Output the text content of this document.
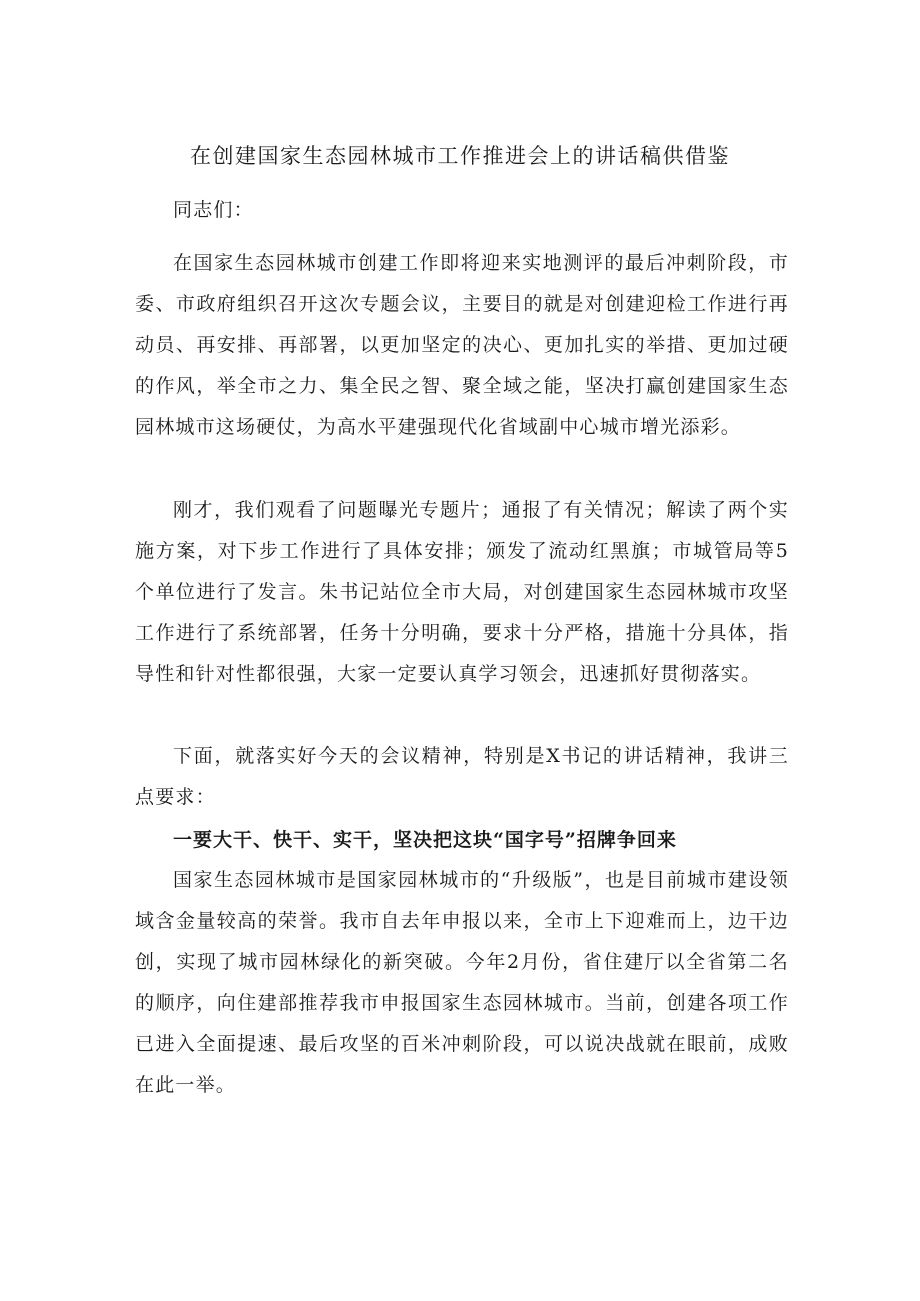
在创建国家生态园林城市工作推进会上的讲话稿供借鉴

同志们：

在国家生态园林城市创建工作即将迎来实地测评的最后冲刺阶段，市委、市政府组织召开这次专题会议，主要目的就是对创建迎检工作进行再动员、再安排、再部署，以更加坚定的决心、更加扎实的举措、更加过硬的作风，举全市之力、集全民之智、聚全域之能，坚决打赢创建国家生态园林城市这场硬仗，为高水平建强现代化省域副中心城市增光添彩。

刚才，我们观看了问题曝光专题片；通报了有关情况；解读了两个实施方案，对下步工作进行了具体安排；颁发了流动红黑旗；市城管局等5个单位进行了发言。朱书记站位全市大局，对创建国家生态园林城市攻坚工作进行了系统部署，任务十分明确，要求十分严格，措施十分具体，指导性和针对性都很强，大家一定要认真学习领会，迅速抓好贯彻落实。

下面，就落实好今天的会议精神，特别是X书记的讲话精神，我讲三点要求：

一要大干、快干、实干，坚决把这块“国字号”招牌争回来

国家生态园林城市是国家园林城市的“升级版”，也是目前城市建设领域含金量较高的荣誉。我市自去年申报以来，全市上下迎难而上，边干边创，实现了城市园林绿化的新突破。今年2月份，省住建厅以全省第二名的顺序，向住建部推荐我市申报国家生态园林城市。当前，创建各项工作已进入全面提速、最后攻坚的百米冲刺阶段，可以说决战就在眼前，成败在此一举。
